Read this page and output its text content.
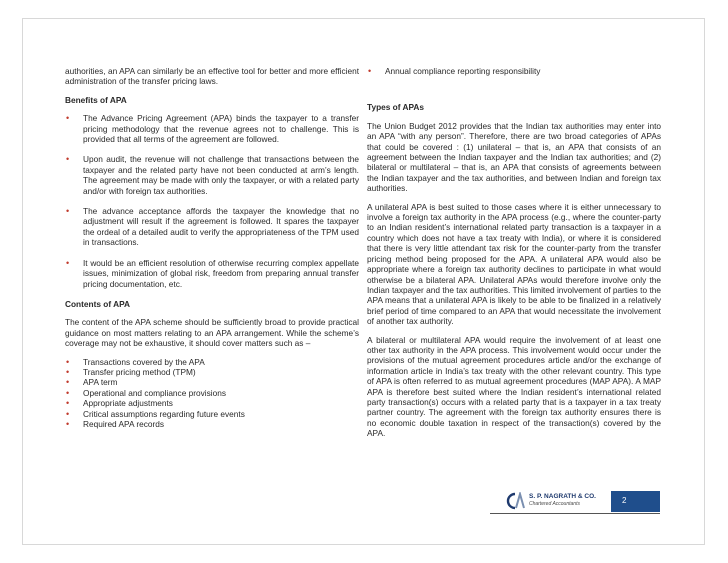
authorities, an APA can similarly be an effective tool for better and more efficient administration of the transfer pricing laws.

Benefits of APA
• The Advance Pricing Agreement (APA) binds the taxpayer to a transfer pricing methodology that the revenue agrees not to challenge. This is provided that all terms of the agreement are followed.
• Upon audit, the revenue will not challenge that transactions between the taxpayer and the related party have not been conducted at arm’s length. The agreement may be made with only the taxpayer, or with a related party and/or with foreign tax authorities.
• The advance acceptance affords the taxpayer the knowledge that no adjustment will result if the agreement is followed. It spares the taxpayer the ordeal of a detailed audit to verify the appropriateness of the TPM used in transactions.
• It would be an efficient resolution of otherwise recurring complex appellate issues, minimization of global risk, freedom from preparing annual transfer pricing documentation, etc.
Contents of APA

The content of the APA scheme should be sufficiently broad to provide practical guidance on most matters relating to an APA arrangement. While the scheme’s coverage may not be exhaustive, it should cover matters such as –

• Transactions covered by the APA
• Transfer pricing method (TPM)
• APA term
• Operational and compliance provisions
• Appropriate adjustments
• Critical assumptions regarding future events
• Required APA records
• Annual compliance reporting responsibility
Types of APAs

The Union Budget 2012 provides that the Indian tax authorities may enter into an APA “with any person”. Therefore, there are two broad categories of APAs that could be covered : (1) unilateral – that is, an APA that consists of an agreement between the Indian taxpayer and the Indian tax authorities; and (2) bilateral or multilateral – that is, an APA that consists of agreements between the Indian taxpayer and the tax authorities, and between Indian and foreign tax authorities.

A unilateral APA is best suited to those cases where it is either unnecessary to involve a foreign tax authority in the APA process (e.g., where the counter-party to an Indian resident’s international related party transaction is a taxpayer in a country which does not have a tax treaty with India), or where it is considered that there is very little attendant tax risk for the counter-party from the transfer pricing method being proposed for the APA. A unilateral APA would also be appropriate where a foreign tax authority declines to participate in what would otherwise be a bilateral APA. Unilateral APAs would therefore involve only the Indian taxpayer and the tax authorities. This limited involvement of parties to the APA means that a unilateral APA is likely to be able to be finalized in a relatively brief period of time compared to an APA that would necessitate the involvement of another tax authority.

A bilateral or multilateral APA would require the involvement of at least one other tax authority in the APA process. This involvement would occur under the provisions of the mutual agreement procedures article and/or the exchange of information article in India’s tax treaty with the other relevant country. This type of APA is often referred to as mutual agreement procedures (MAP APA). A MAP APA is therefore best suited where the Indian resident’s international related party transaction(s) occurs with a related party that is a taxpayer in a tax treaty partner country. The agreement with the foreign tax authority ensures there is no economic double taxation in respect of the transaction(s) covered by the APA.

S. P. NAGRATH & CO.
Chartered Accountants	2
